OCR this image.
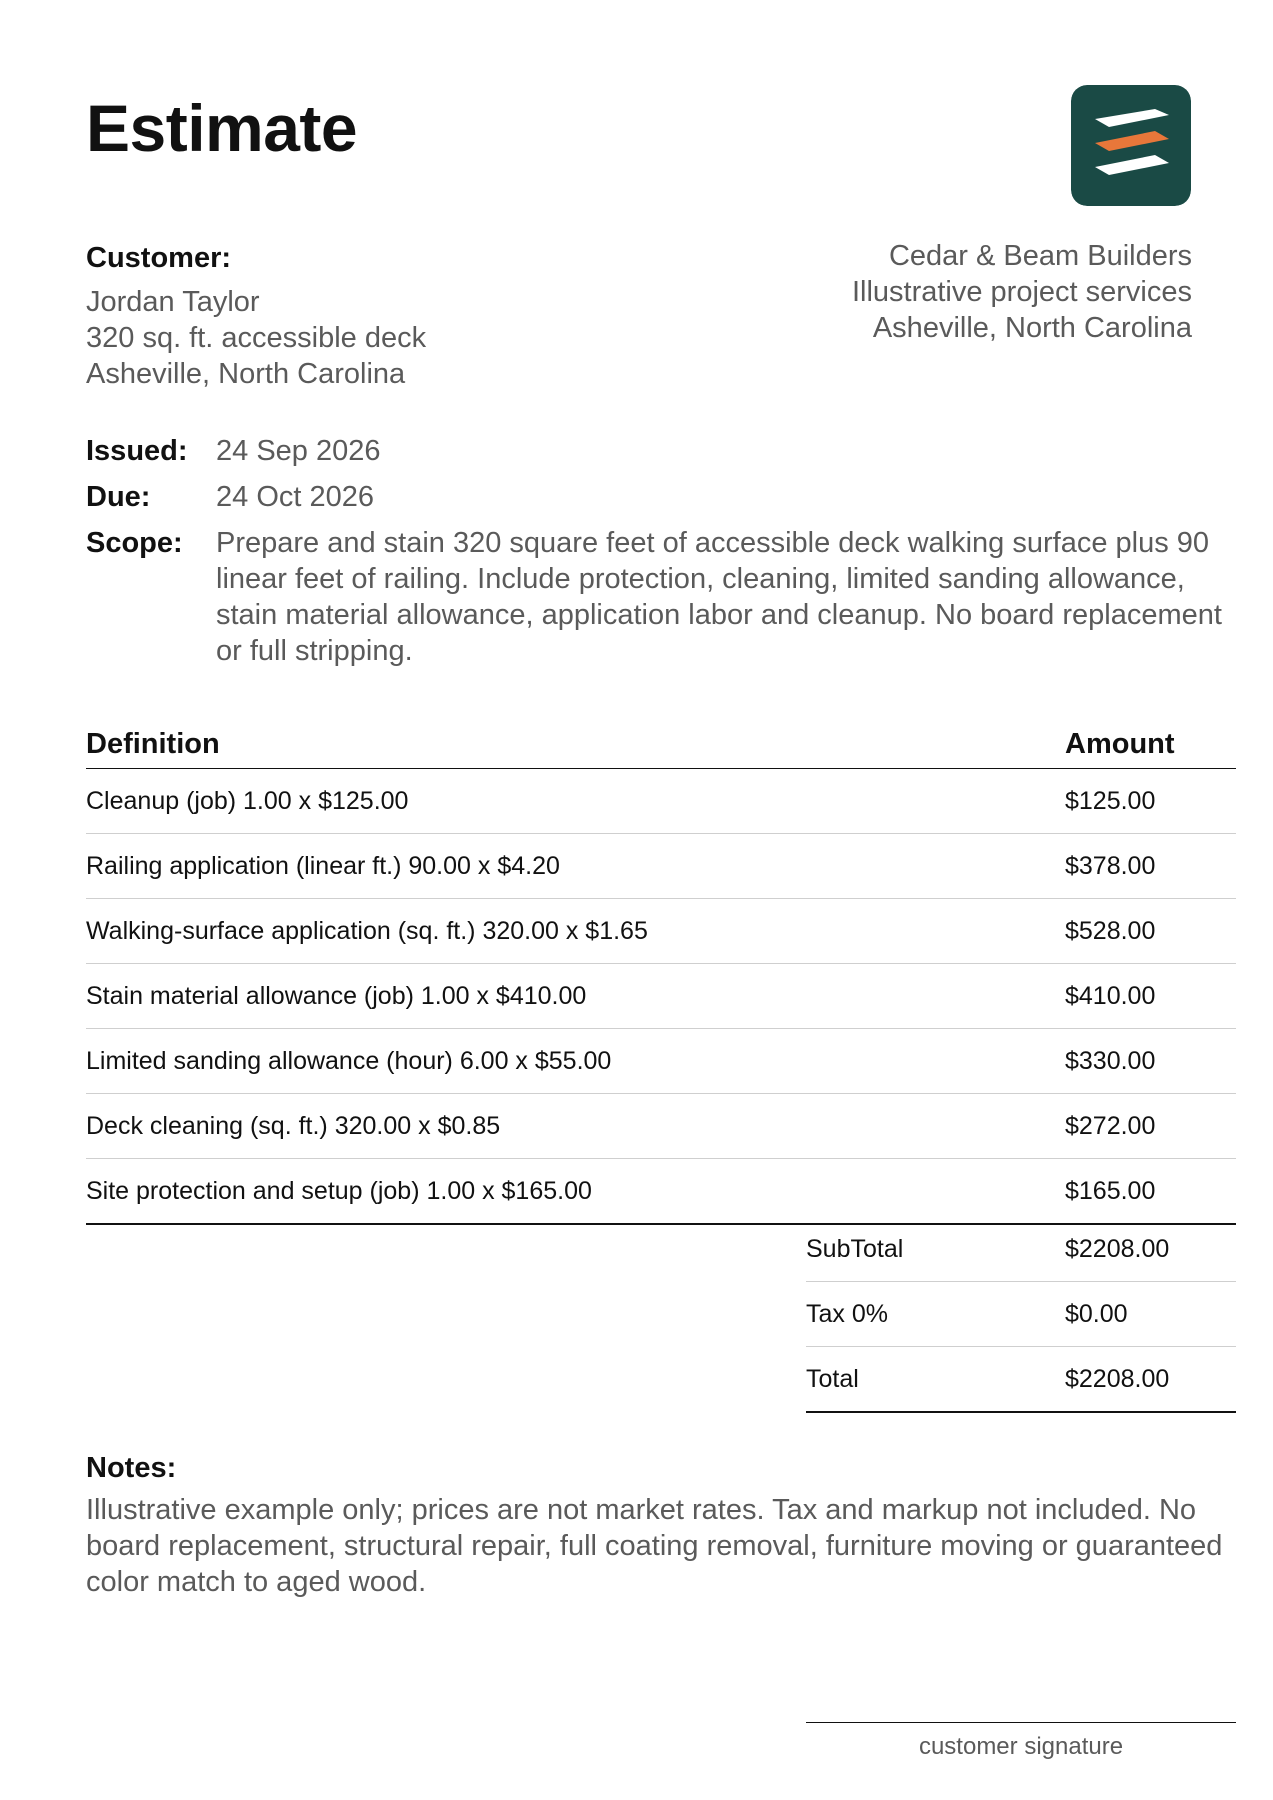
Estimate
Customer:
Jordan Taylor
320 sq. ft. accessible deck
Asheville, North Carolina
Cedar & Beam Builders
Illustrative project services
Asheville, North Carolina
Issued: 24 Sep 2026
Due:	24 Oct 2026
Scope:	Prepare and stain 320 square feet of accessible deck walking surface plus 90 linear feet of railing. Include protection, cleaning, limited sanding allowance, stain material allowance, application labor and cleanup. No board replacement or full stripping.
Definition	Amount
Cleanup (job) 1.00 x $125.00	$125.00
Railing application (linear ft.) 90.00 x $4.20	$378.00
Walking-surface application (sq. ft.) 320.00 x $1.65	$528.00
Stain material allowance (job) 1.00 x $410.00	$410.00
Limited sanding allowance (hour) 6.00 x $55.00	$330.00
Deck cleaning (sq. ft.) 320.00 x $0.85	$272.00
Site protection and setup (job) 1.00 x $165.00	$165.00
SubTotal	$2208.00
Tax 0%	$0.00
Total	$2208.00
Notes:
Illustrative example only; prices are not market rates. Tax and markup not included. No board replacement, structural repair, full coating removal, furniture moving or guaranteed color match to aged wood.
customer signature
